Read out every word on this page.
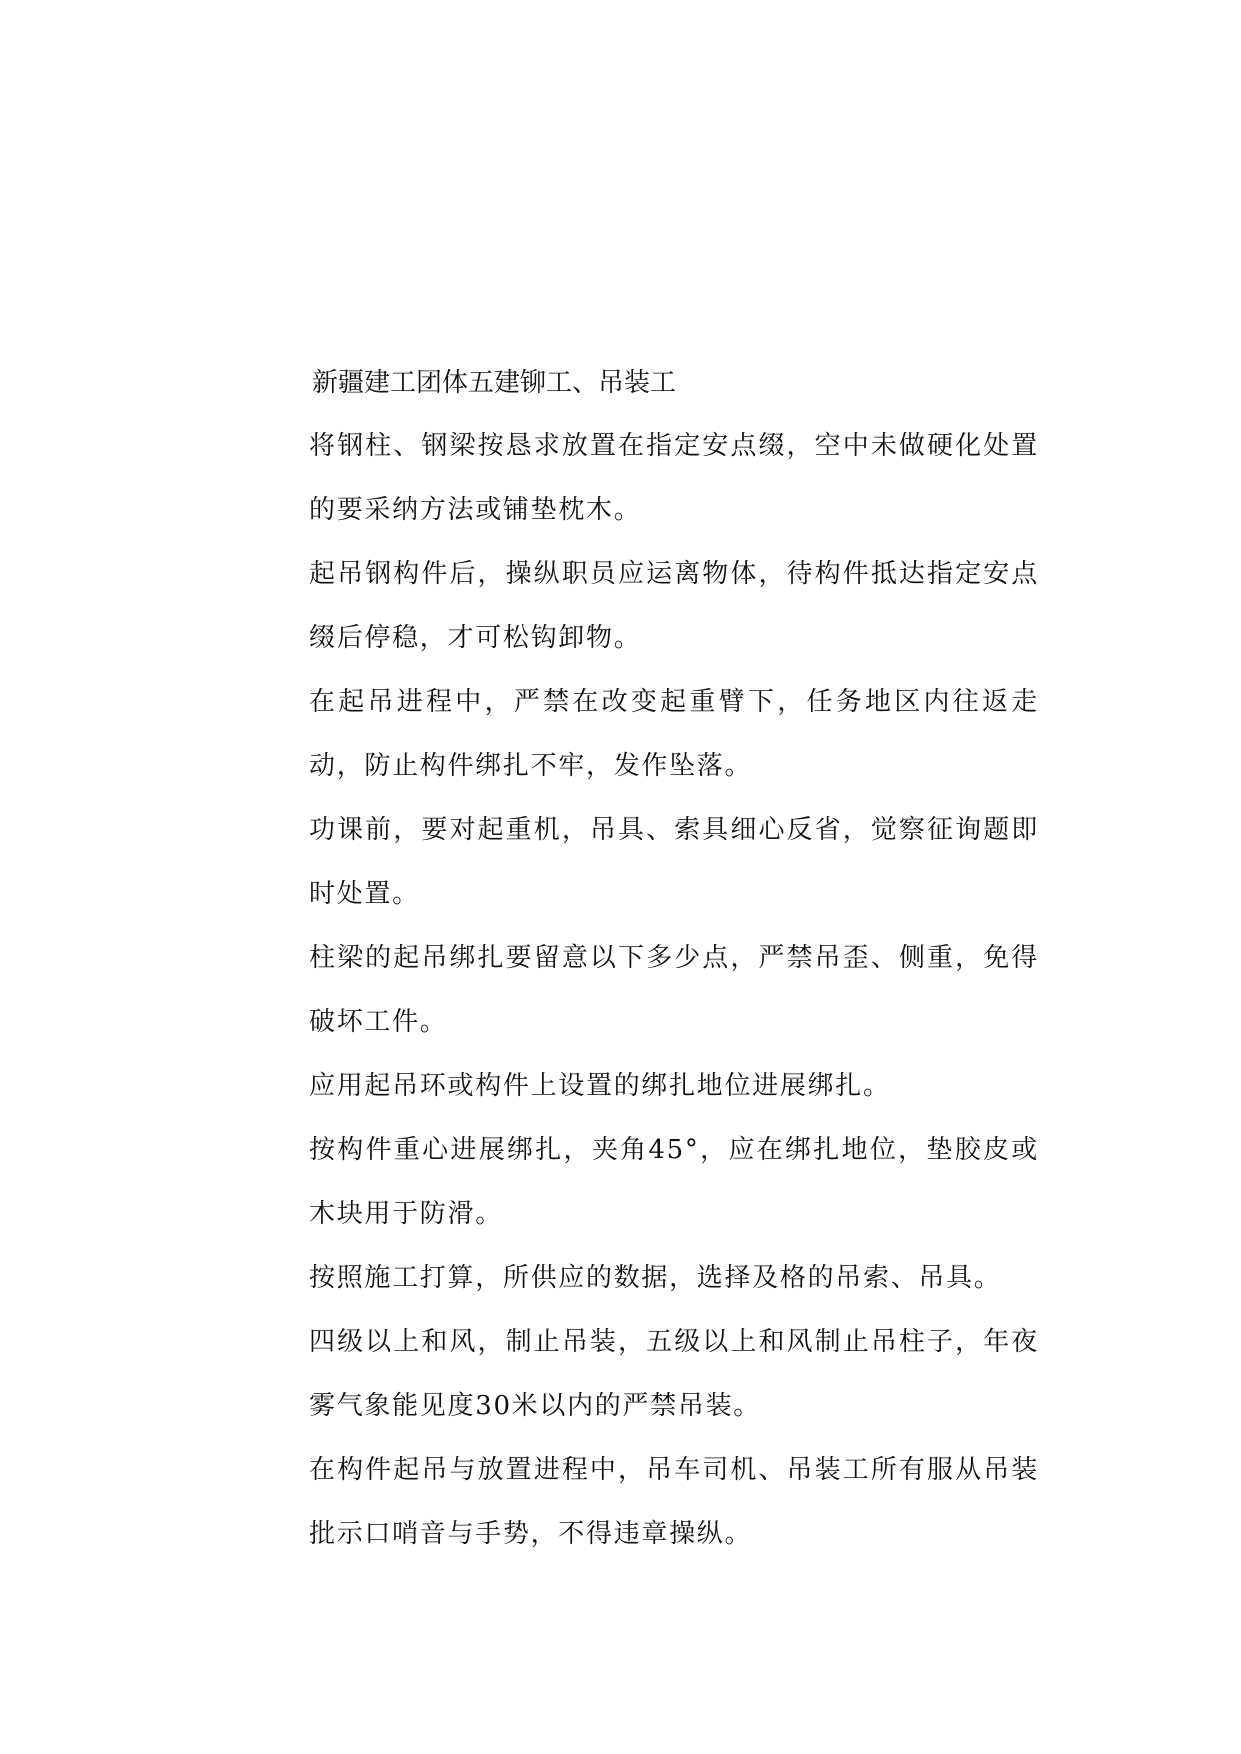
新疆建工团体五建铆工、吊装工

将钢柱、钢梁按恳求放置在指定安点缀，空中未做硬化处置的要采纳方法或铺垫枕木。

起吊钢构件后，操纵职员应运离物体，待构件抵达指定安点缀后停稳，才可松钩卸物。

在起吊进程中，严禁在改变起重臂下，任务地区内往返走动，防止构件绑扎不牢，发作坠落。

功课前，要对起重机，吊具、索具细心反省，觉察征询题即时处置。

柱梁的起吊绑扎要留意以下多少点，严禁吊歪、侧重，免得破坏工件。

应用起吊环或构件上设置的绑扎地位进展绑扎。

按构件重心进展绑扎，夹角45°，应在绑扎地位，垫胶皮或木块用于防滑。

按照施工打算，所供应的数据，选择及格的吊索、吊具。

四级以上和风，制止吊装，五级以上和风制止吊柱子，年夜雾气象能见度30米以内的严禁吊装。

在构件起吊与放置进程中，吊车司机、吊装工所有服从吊装批示口哨音与手势，不得违章操纵。
